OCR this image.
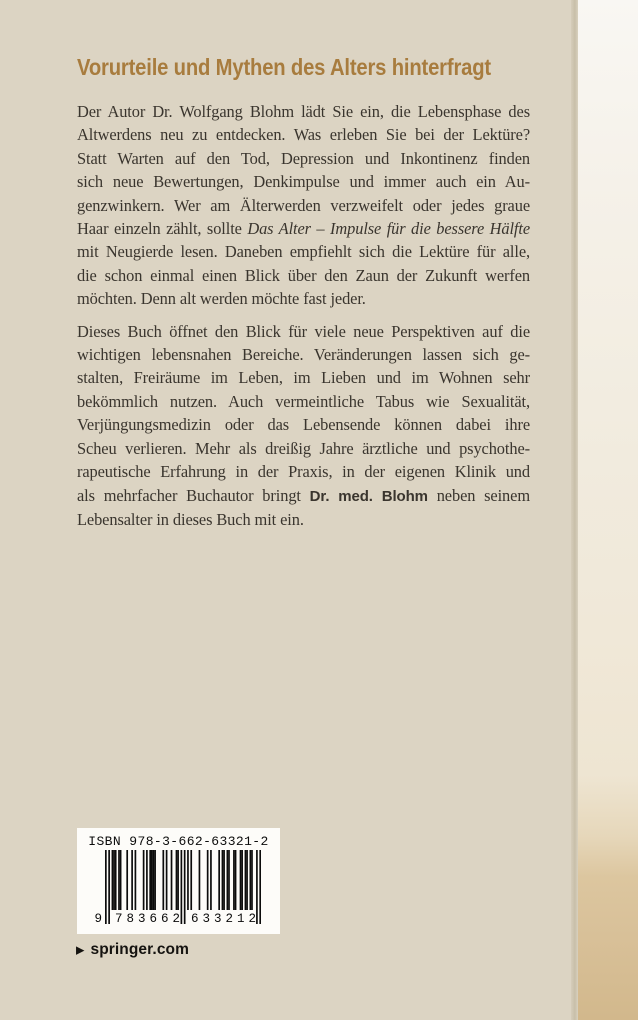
Vorurteile und Mythen des Alters hinterfragt
Der Autor Dr. Wolfgang Blohm lädt Sie ein, die Lebensphase des
Altwerdens neu zu entdecken. Was erleben Sie bei der Lektüre?
Statt Warten auf den Tod, Depression und Inkontinenz finden
sich neue Bewertungen, Denkimpulse und immer auch ein Au-
genzwinkern. Wer am Älterwerden verzweifelt oder jedes graue
Haar einzeln zählt, sollte Das Alter – Impulse für die bessere Hälfte
mit Neugierde lesen. Daneben empfiehlt sich die Lektüre für alle,
die schon einmal einen Blick über den Zaun der Zukunft werfen
möchten. Denn alt werden möchte fast jeder.
Dieses Buch öffnet den Blick für viele neue Perspektiven auf die
wichtigen lebensnahen Bereiche. Veränderungen lassen sich ge-
stalten, Freiräume im Leben, im Lieben und im Wohnen sehr
bekömmlich nutzen. Auch vermeintliche Tabus wie Sexualität,
Verjüngungsmedizin oder das Lebensende können dabei ihre
Scheu verlieren. Mehr als dreißig Jahre ärztliche und psychothe-
rapeutische Erfahrung in der Praxis, in der eigenen Klinik und
als mehrfacher Buchautor bringt Dr. med. Blohm neben seinem
Lebensalter in dieses Buch mit ein.
ISBN 978-3-662-63321-2
9	783662 633212
▶ springer.com
